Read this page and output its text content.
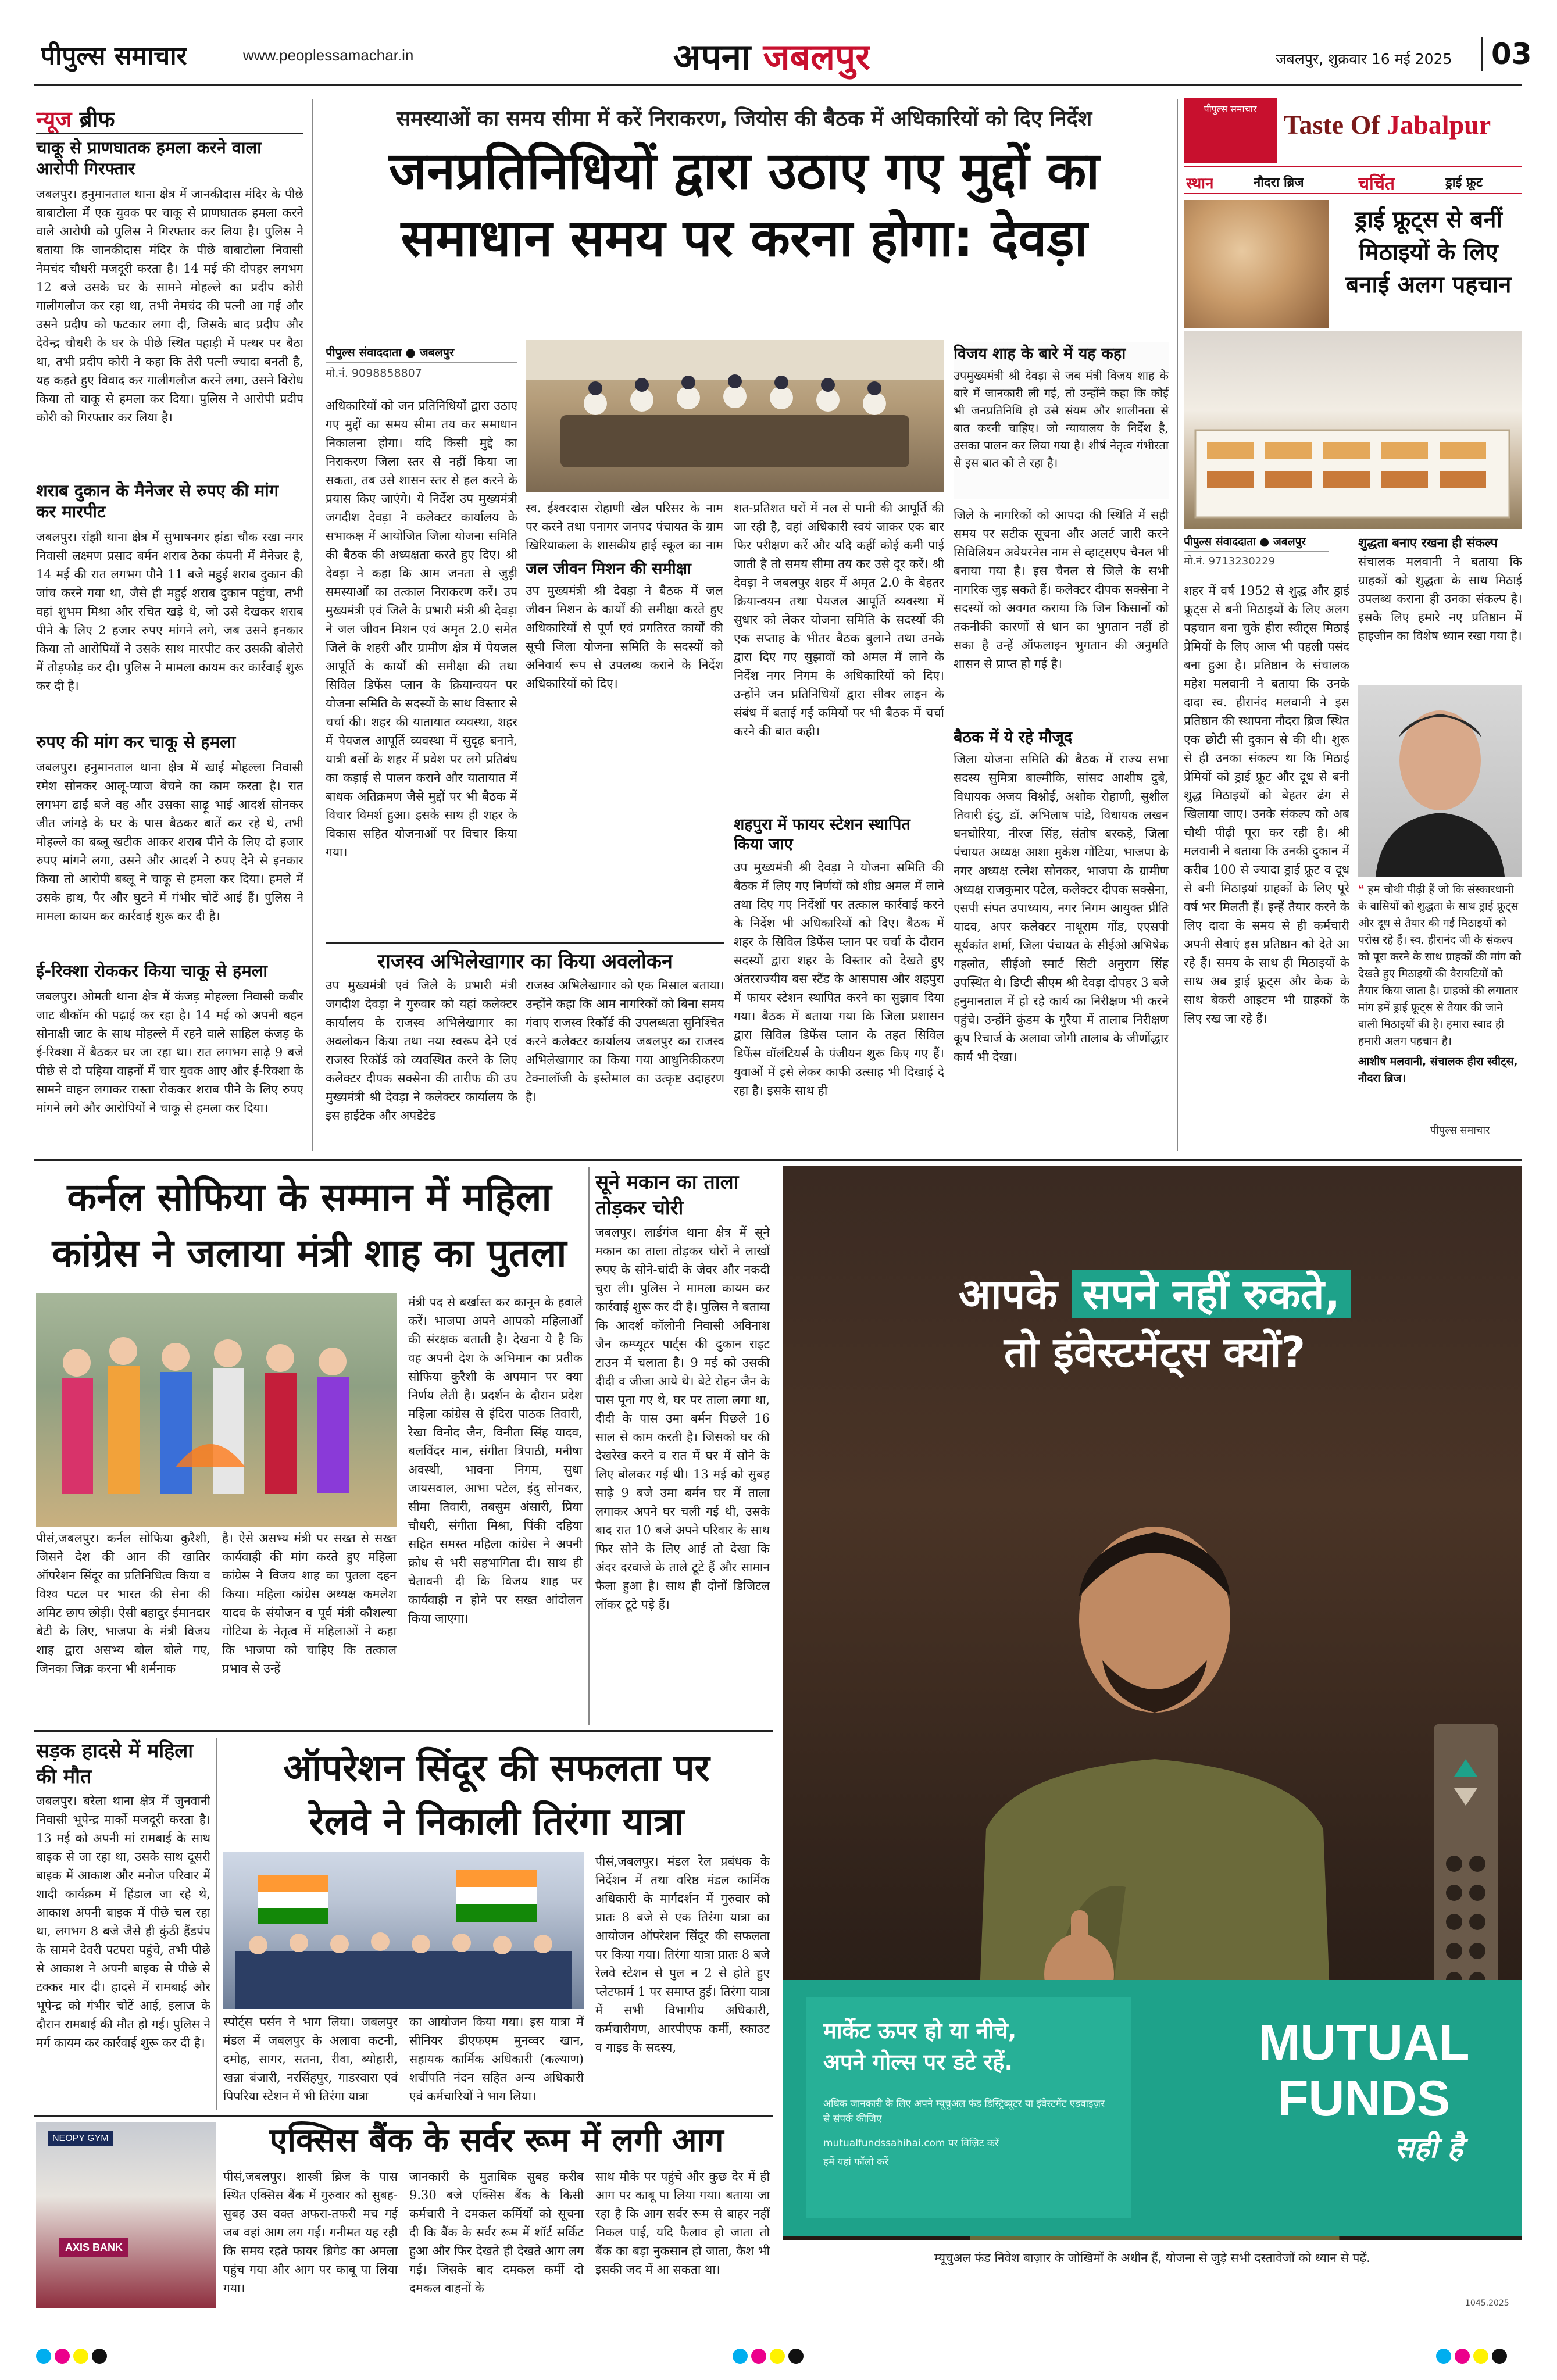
पीपुल्स समाचार	www.peoplessamachar.in	अपना जबलपुर	जबलपुर, शुक्रवार 16 मई 2025	03
न्यूज ब्रीफ
चाकू से प्राणघातक हमला करने वाला आरोपी गिरफ्तार
जबलपुर। हनुमानताल थाना क्षेत्र में जानकीदास मंदिर के पीछे बाबाटोला में एक युवक पर चाकू से प्राणघातक हमला करने वाले आरोपी को पुलिस ने गिरफ्तार कर लिया है। पुलिस ने बताया कि जानकीदास मंदिर के पीछे बाबाटोला निवासी नेमचंद चौधरी मजदूरी करता है। 14 मई की दोपहर लगभग 12 बजे उसके घर के सामने मोहल्ले का प्रदीप कोरी गालीगलौज कर रहा था, तभी नेमचंद की पत्नी आ गई और उसने प्रदीप को फटकार लगा दी, जिसके बाद प्रदीप और देवेन्द्र चौधरी के घर के पीछे स्थित पहाड़ी में पत्थर पर बैठा था, तभी प्रदीप कोरी ने कहा कि तेरी पत्नी ज्यादा बनती है, यह कहते हुए विवाद कर गालीगलौज करने लगा, उसने विरोध किया तो चाकू से हमला कर दिया। पुलिस ने आरोपी प्रदीप कोरी को गिरफ्तार कर लिया है।
शराब दुकान के मैनेजर से रुपए की मांग कर मारपीट
जबलपुर। रांझी थाना क्षेत्र में सुभाषनगर झंडा चौक रखा नगर निवासी लक्ष्मण प्रसाद बर्मन शराब ठेका कंपनी में मैनेजर है, 14 मई की रात लगभग पौने 11 बजे महुई शराब दुकान की जांच करने गया था, जैसे ही महुई शराब दुकान पहुंचा, तभी वहां शुभम मिश्रा और रचित खड़े थे, जो उसे देखकर शराब पीने के लिए 2 हजार रुपए मांगने लगे, जब उसने इनकार किया तो आरोपियों ने उसके साथ मारपीट कर उसकी बोलेरो में तोड़फोड़ कर दी। पुलिस ने मामला कायम कर कार्रवाई शुरू कर दी है।
रुपए की मांग कर चाकू से हमला
जबलपुर। हनुमानताल थाना क्षेत्र में खाई मोहल्ला निवासी रमेश सोनकर आलू-प्याज बेचने का काम करता है। रात लगभग ढाई बजे वह और उसका साढ़ू भाई आदर्श सोनकर जीत जांगड़े के घर के पास बैठकर बातें कर रहे थे, तभी मोहल्ले का बब्लू खटीक आकर शराब पीने के लिए दो हजार रुपए मांगने लगा, उसने और आदर्श ने रुपए देने से इनकार किया तो आरोपी बब्लू ने चाकू से हमला कर दिया। हमले में उसके हाथ, पैर और घुटने में गंभीर चोटें आई हैं। पुलिस ने मामला कायम कर कार्रवाई शुरू कर दी है।
ई-रिक्शा रोककर किया चाकू से हमला
जबलपुर। ओमती थाना क्षेत्र में कंजड़ मोहल्ला निवासी कबीर जाट बीकॉम की पढ़ाई कर रहा है। 14 मई को अपनी बहन सोनाक्षी जाट के साथ मोहल्ले में रहने वाले साहिल कंजड़ के ई-रिक्शा में बैठकर घर जा रहा था। रात लगभग साढ़े 9 बजे पीछे से दो पहिया वाहनों में चार युवक आए और ई-रिक्शा के सामने वाहन लगाकर रास्ता रोककर शराब पीने के लिए रुपए मांगने लगे और आरोपियों ने चाकू से हमला कर दिया।
समस्याओं का समय सीमा में करें निराकरण, जियोस की बैठक में अधिकारियों को दिए निर्देश
जनप्रतिनिधियों द्वारा उठाए गए मुद्दों का
समाधान समय पर करना होगा: देवड़ा
पीपुल्स संवाददाता ● जबलपुर
मो.नं. 9098858807
अधिकारियों को जन प्रतिनिधियों द्वारा उठाए गए मुद्दों का समय सीमा तय कर समाधान निकालना होगा। यदि किसी मुद्दे का निराकरण जिला स्तर से नहीं किया जा सकता, तब उसे शासन स्तर से हल करने के प्रयास किए जाएंगे। ये निर्देश उप मुख्यमंत्री जगदीश देवड़ा ने कलेक्टर कार्यालय के सभाकक्ष में आयोजित जिला योजना समिति की बैठक की अध्यक्षता करते हुए दिए। श्री देवड़ा ने कहा कि आम जनता से जुड़ी समस्याओं का तत्काल निराकरण करें। उप मुख्यमंत्री एवं जिले के प्रभारी मंत्री श्री देवड़ा ने जल जीवन मिशन एवं अमृत 2.0 समेत जिले के शहरी और ग्रामीण क्षेत्र में पेयजल आपूर्ति के कार्यों की समीक्षा की तथा सिविल डिफेंस प्लान के क्रियान्वयन पर योजना समिति के सदस्यों के साथ विस्तार से चर्चा की। शहर की यातायात व्यवस्था, शहर में पेयजल आपूर्ति व्यवस्था में सुदृढ़ बनाने, यात्री बसों के शहर में प्रवेश पर लगे प्रतिबंध का कड़ाई से पालन कराने और यातायात में बाधक अतिक्रमण जैसे मुद्दों पर भी बैठक में विचार विमर्श हुआ। इसके साथ ही शहर के विकास सहित योजनाओं पर विचार किया गया।
स्व. ईश्वरदास रोहाणी खेल परिसर के नाम पर करने तथा पनागर जनपद पंचायत के ग्राम खिरियाकला के शासकीय हाई स्कूल का नाम
जल जीवन मिशन की समीक्षा
उप मुख्यमंत्री श्री देवड़ा ने बैठक में जल जीवन मिशन के कार्यों की समीक्षा करते हुए अधिकारियों से पूर्ण एवं प्रगतिरत कार्यों की सूची जिला योजना समिति के सदस्यों को अनिवार्य रूप से उपलब्ध कराने के निर्देश अधिकारियों को दिए।
शत-प्रतिशत घरों में नल से पानी की आपूर्ति की जा रही है, वहां अधिकारी स्वयं जाकर एक बार फिर परीक्षण करें और यदि कहीं कोई कमी पाई जाती है तो समय सीमा तय कर उसे दूर करें। श्री देवड़ा ने जबलपुर शहर में अमृत 2.0 के बेहतर क्रियान्वयन तथा पेयजल आपूर्ति व्यवस्था में सुधार को लेकर योजना समिति के सदस्यों की एक सप्ताह के भीतर बैठक बुलाने तथा उनके द्वारा दिए गए सुझावों को अमल में लाने के निर्देश नगर निगम के अधिकारियों को दिए। उन्होंने जन प्रतिनिधियों द्वारा सीवर लाइन के संबंध में बताई गई कमियों पर भी बैठक में चर्चा करने की बात कही।
शहपुरा में फायर स्टेशन स्थापित किया जाए
उप मुख्यमंत्री श्री देवड़ा ने योजना समिति की बैठक में लिए गए निर्णयों को शीघ्र अमल में लाने तथा दिए गए निर्देशों पर तत्काल कार्रवाई करने के निर्देश भी अधिकारियों को दिए। बैठक में शहर के सिविल डिफेंस प्लान पर चर्चा के दौरान सदस्यों द्वारा शहर के विस्तार को देखते हुए अंतरराज्यीय बस स्टैंड के आसपास और शहपुरा में फायर स्टेशन स्थापित करने का सुझाव दिया गया। बैठक में बताया गया कि जिला प्रशासन द्वारा सिविल डिफेंस प्लान के तहत सिविल डिफेंस वॉलंटियर्स के पंजीयन शुरू किए गए हैं। युवाओं में इसे लेकर काफी उत्साह भी दिखाई दे रहा है। इसके साथ ही
विजय शाह के बारे में यह कहा
उपमुख्यमंत्री श्री देवड़ा से जब मंत्री विजय शाह के बारे में जानकारी ली गई, तो उन्होंने कहा कि कोई भी जनप्रतिनिधि हो उसे संयम और शालीनता से बात करनी चाहिए। जो न्यायालय के निर्देश है, उसका पालन कर लिया गया है। शीर्ष नेतृत्व गंभीरता से इस बात को ले रहा है।
जिले के नागरिकों को आपदा की स्थिति में सही समय पर सटीक सूचना और अलर्ट जारी करने सिविलियन अवेयरनेस नाम से व्हाट्सएप चैनल भी बनाया गया है। इस चैनल से जिले के सभी नागरिक जुड़ सकते हैं। कलेक्टर दीपक सक्सेना ने सदस्यों को अवगत कराया कि जिन किसानों को तकनीकी कारणों से धान का भुगतान नहीं हो सका है उन्हें ऑफलाइन भुगतान की अनुमति शासन से प्राप्त हो गई है।
बैठक में ये रहे मौजूद
जिला योजना समिति की बैठक में राज्य सभा सदस्य सुमित्रा बाल्मीकि, सांसद आशीष दुबे, विधायक अजय विश्नोई, अशोक रोहाणी, सुशील तिवारी इंदु, डॉ. अभिलाष पांडे, विधायक लखन घनघोरिया, नीरज सिंह, संतोष बरकड़े, जिला पंचायत अध्यक्ष आशा मुकेश गोंटिया, भाजपा के नगर अध्यक्ष रत्नेश सोनकर, भाजपा के ग्रामीण अध्यक्ष राजकुमार पटेल, कलेक्टर दीपक सक्सेना, एसपी संपत उपाध्याय, नगर निगम आयुक्त प्रीति यादव, अपर कलेक्टर नाथूराम गोंड, एएसपी सूर्यकांत शर्मा, जिला पंचायत के सीईओ अभिषेक गहलोत, सीईओ स्मार्ट सिटी अनुराग सिंह उपस्थित थे। डिप्टी सीएम श्री देवड़ा दोपहर 3 बजे हनुमानताल में हो रहे कार्य का निरीक्षण भी करने पहुंचे। उन्होंने कुंडम के गुरैया में तालाब निरीक्षण कूप रिचार्ज के अलावा जोगी तालाब के जीर्णोद्धार कार्य भी देखा।
राजस्व अभिलेखागार का किया अवलोकन
उप मुख्यमंत्री एवं जिले के प्रभारी मंत्री जगदीश देवड़ा ने गुरुवार को यहां कलेक्टर कार्यालय के राजस्व अभिलेखागार का अवलोकन किया तथा नया स्वरूप देने एवं राजस्व रिकॉर्ड को व्यवस्थित करने के लिए कलेक्टर दीपक सक्सेना की तारीफ की उप मुख्यमंत्री श्री देवड़ा ने कलेक्टर कार्यालय के इस हाईटेक और अपडेटेड
राजस्व अभिलेखागार को एक मिसाल बताया। उन्होंने कहा कि आम नागरिकों को बिना समय गंवाए राजस्व रिकॉर्ड की उपलब्धता सुनिश्चित करने कलेक्टर कार्यालय जबलपुर का राजस्व अभिलेखागार का किया गया आधुनिकीकरण टेक्नालॉजी के इस्तेमाल का उत्कृष्ट उदाहरण है।
पीपुल्स समाचार
Taste Of Jabalpur
स्थान	नौदरा ब्रिज	चर्चित	ड्राई फ्रूट
ड्राई फ्रूट्स से बनीं मिठाइयों के लिए बनाई अलग पहचान
पीपुल्स संवाददाता ● जबलपुर
मो.नं. 9713230229
शहर में वर्ष 1952 से शुद्ध और ड्राई फ्रूट्स से बनी मिठाइयों के लिए अलग पहचान बना चुके हीरा स्वीट्स मिठाई प्रेमियों के लिए आज भी पहली पसंद बना हुआ है। प्रतिष्ठान के संचालक महेश मलवानी ने बताया कि उनके दादा स्व. हीरानंद मलवानी ने इस प्रतिष्ठान की स्थापना नौदरा ब्रिज स्थित एक छोटी सी दुकान से की थी। शुरू से ही उनका संकल्प था कि मिठाई प्रेमियों को ड्राई फ्रूट और दूध से बनी शुद्ध मिठाइयों को बेहतर ढंग से खिलाया जाए। उनके संकल्प को अब चौथी पीढ़ी पूरा कर रही है। श्री मलवानी ने बताया कि उनकी दुकान में करीब 100 से ज्यादा ड्राई फ्रूट व दूध से बनी मिठाइयां ग्राहकों के लिए पूरे वर्ष भर मिलती हैं। इन्हें तैयार करने के लिए दादा के समय से ही कर्मचारी अपनी सेवाएं इस प्रतिष्ठान को देते आ रहे हैं। समय के साथ ही मिठाइयों के साथ अब ड्राई फ्रूट्स और केक के साथ बेकरी आइटम भी ग्राहकों के लिए रख जा रहे हैं।
शुद्धता बनाए रखना ही संकल्प
संचालक मलवानी ने बताया कि ग्राहकों को शुद्धता के साथ मिठाई उपलब्ध कराना ही उनका संकल्प है। इसके लिए हमारे नए प्रतिष्ठान में हाइजीन का विशेष ध्यान रखा गया है।
❝ हम चौथी पीढ़ी हैं जो कि संस्कारधानी के वासियों को शुद्धता के साथ ड्राई फ्रूट्स और दूध से तैयार की गई मिठाइयों को परोस रहे हैं। स्व. हीरानंद जी के संकल्प को पूरा करने के साथ ग्राहकों की मांग को देखते हुए मिठाइयों की वैरायटियों को तैयार किया जाता है। ग्राहकों की लगातार मांग हमें ड्राई फ्रूट्स से तैयार की जाने वाली मिठाइयों की है। हमारा स्वाद ही हमारी अलग पहचान है।
आशीष मलवानी, संचालक हीरा स्वीट्स, नौदरा ब्रिज।
पीपुल्स समाचार
कर्नल सोफिया के सम्मान में महिला
कांग्रेस ने जलाया मंत्री शाह का पुतला
पीसं,जबलपुर। कर्नल सोफिया कुरैशी, जिसने देश की आन की खातिर ऑपरेशन सिंदूर का प्रतिनिधित्व किया व विश्व पटल पर भारत की सेना की अमिट छाप छोड़ी। ऐसी बहादुर ईमानदार बेटी के लिए, भाजपा के मंत्री विजय शाह द्वारा असभ्य बोल बोले गए, जिनका जिक्र करना भी शर्मनाक
है। ऐसे असभ्य मंत्री पर सख्त से सख्त कार्यवाही की मांग करते हुए महिला कांग्रेस ने विजय शाह का पुतला दहन किया। महिला कांग्रेस अध्यक्ष कमलेश यादव के संयोजन व पूर्व मंत्री कौशल्या गोटिया के नेतृत्व में महिलाओं ने कहा कि भाजपा को चाहिए कि तत्काल प्रभाव से उन्हें
मंत्री पद से बर्खास्त कर कानून के हवाले करें। भाजपा अपने आपको महिलाओं की संरक्षक बताती है। देखना ये है कि वह अपनी देश के अभिमान का प्रतीक सोफिया कुरैशी के अपमान पर क्या निर्णय लेती है। प्रदर्शन के दौरान प्रदेश महिला कांग्रेस से इंदिरा पाठक तिवारी, रेखा विनोद जैन, विनीता सिंह यादव, बलविंदर मान, संगीता त्रिपाठी, मनीषा अवस्थी, भावना निगम, सुधा जायसवाल, आभा पटेल, इंदु सोनकर, सीमा तिवारी, तबसुम अंसारी, प्रिया चौधरी, संगीता मिश्रा, पिंकी दहिया सहित समस्त महिला कांग्रेस ने अपनी क्रोध से भरी सहभागिता दी। साथ ही चेतावनी दी कि विजय शाह पर कार्यवाही न होने पर सख्त आंदोलन किया जाएगा।
सूने मकान का ताला तोड़कर चोरी
जबलपुर। लार्डगंज थाना क्षेत्र में सूने मकान का ताला तोड़कर चोरों ने लाखों रुपए के सोने-चांदी के जेवर और नकदी चुरा ली। पुलिस ने मामला कायम कर कार्रवाई शुरू कर दी है। पुलिस ने बताया कि आदर्श कॉलोनी निवासी अविनाश जैन कम्प्यूटर पार्ट्स की दुकान राइट टाउन में चलाता है। 9 मई को उसकी दीदी व जीजा आये थे। बेटे रोहन जैन के पास पूना गए थे, घर पर ताला लगा था, दीदी के पास उमा बर्मन पिछले 16 साल से काम करती है। जिसको घर की देखरेख करने व रात में घर में सोने के लिए बोलकर गई थी। 13 मई को सुबह साढ़े 9 बजे उमा बर्मन घर में ताला लगाकर अपने घर चली गई थी, उसके बाद रात 10 बजे अपने परिवार के साथ फिर सोने के लिए आई तो देखा कि अंदर दरवाजे के ताले टूटे हैं और सामान फैला हुआ है। साथ ही दोनों डिजिटल लॉकर टूटे पड़े हैं।
सड़क हादसे में महिला की मौत
जबलपुर। बरेला थाना क्षेत्र में जुनवानी निवासी भूपेन्द्र मार्को मजदूरी करता है। 13 मई को अपनी मां रामबाई के साथ बाइक से जा रहा था, उसके साथ दूसरी बाइक में आकाश और मनोज परिवार में शादी कार्यक्रम में हिंडाल जा रहे थे, आकाश अपनी बाइक में पीछे चल रहा था, लगभग 8 बजे जैसे ही कुंठी हैंडपंप के सामने देवरी पटपरा पहुंचे, तभी पीछे से आकाश ने अपनी बाइक से पीछे से टक्कर मार दी। हादसे में रामबाई और भूपेन्द्र को गंभीर चोटें आई, इलाज के दौरान रामबाई की मौत हो गई। पुलिस ने मर्ग कायम कर कार्रवाई शुरू कर दी है।
ऑपरेशन सिंदूर की सफलता पर
रेलवे ने निकाली तिरंगा यात्रा
पीसं,जबलपुर। मंडल रेल प्रबंधक के निर्देशन में तथा वरिष्ठ मंडल कार्मिक अधिकारी के मार्गदर्शन में गुरुवार को प्रातः 8 बजे से एक तिरंगा यात्रा का आयोजन ऑपरेशन सिंदूर की सफलता पर किया गया। तिरंगा यात्रा प्रातः 8 बजे रेलवे स्टेशन से पुल न 2 से होते हुए प्लेटफार्म 1 पर समाप्त हुई। तिरंगा यात्रा में सभी विभागीय अधिकारी, कर्मचारीगण, आरपीएफ कर्मी, स्काउट व गाइड के सदस्य,
स्पोर्ट्स पर्सन ने भाग लिया। जबलपुर मंडल में जबलपुर के अलावा कटनी, दमोह, सागर, सतना, रीवा, ब्योहारी, खन्ना बंजारी, नरसिंहपुर, गाडरवारा एवं पिपरिया स्टेशन में भी तिरंगा यात्रा
का आयोजन किया गया। इस यात्रा में सीनियर डीएफएम मुनव्वर खान, सहायक कार्मिक अधिकारी (कल्याण) शचींपति नंदन सहित अन्य अधिकारी एवं कर्मचारियों ने भाग लिया।
एक्सिस बैंक के सर्वर रूम में लगी आग
NEOPY GYM
AXIS BANK
पीसं,जबलपुर। शास्त्री ब्रिज के पास स्थित एक्सिस बैंक में गुरुवार को सुबह-सुबह उस वक्त अफरा-तफरी मच गई जब वहां आग लग गई। गनीमत यह रही कि समय रहते फायर ब्रिगेड का अमला पहुंच गया और आग पर काबू पा लिया गया।
जानकारी के मुताबिक सुबह करीब 9.30 बजे एक्सिस बैंक के किसी कर्मचारी ने दमकल कर्मियों को सूचना दी कि बैंक के सर्वर रूम में शॉर्ट सर्किट हुआ और फिर देखते ही देखते आग लग गई। जिसके बाद दमकल कर्मी दो दमकल वाहनों के
साथ मौके पर पहुंचे और कुछ देर में ही आग पर काबू पा लिया गया। बताया जा रहा है कि आग सर्वर रूम से बाहर नहीं निकल पाई, यदि फैलाव हो जाता तो बैंक का बड़ा नुकसान हो जाता, कैश भी इसकी जद में आ सकता था।
आपके सपने नहीं रुकते,
तो इंवेस्टमेंट्स क्यों?
मार्केट ऊपर हो या नीचे,
अपने गोल्स पर डटे रहें.
अधिक जानकारी के लिए अपने म्यूचुअल फंड डिस्ट्रिब्यूटर या इंवेस्टमेंट एडवाइज़र से संपर्क कीजिए
mutualfundssahihai.com पर विज़िट करें
हमें यहां फॉलो करें
MUTUAL
FUNDS
सही है
म्यूचुअल फंड निवेश बाज़ार के जोखिमों के अधीन हैं, योजना से जुड़े सभी दस्तावेजों को ध्यान से पढ़ें.
1045.2025
